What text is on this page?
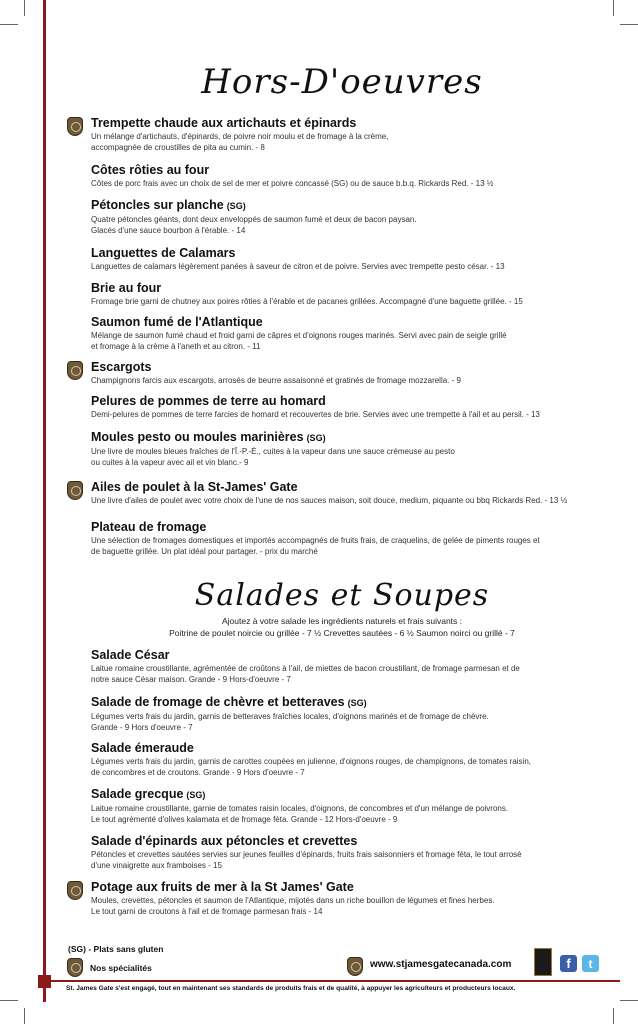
Hors-D'oeuvres
Trempette chaude aux artichauts et épinards
Un mélange d'artichauts, d'épinards, de poivre noir moulu et de fromage à la crème,
accompagnée de croustilles de pita au cumin. - 8
Côtes rôties au four
Côtes de porc frais avec un choix de sel de mer et poivre concassé (SG) ou de sauce b.b.q. Rickards Red. - 13 ½
Pétoncles sur planche (SG)
Quatre pétoncles géants, dont deux enveloppés de saumon fumé et deux de bacon paysan.
Glacés d'une sauce bourbon à l'érable. - 14
Languettes de Calamars
Languettes de calamars légèrement panées à saveur de citron et de poivre. Servies avec trempette pesto césar. - 13
Brie au four
Fromage brie garni de chutney aux poires rôties à l'érable et de pacanes grillées. Accompagné d'une baguette grillée. - 15
Saumon fumé de l'Atlantique
Mélange de saumon fumé chaud et froid garni de câpres et d'oignons rouges marinés. Servi avec pain de seigle grillé
et fromage à la crème à l'aneth et au citron. - 11
Escargots
Champignons farcis aux escargots, arrosés de beurre assaisonné et gratinés de fromage mozzarella. - 9
Pelures de pommes de terre au homard
Demi-pelures de pommes de terre farcies de homard et recouvertes de brie. Servies avec une trempette à l'ail et au persil. - 13
Moules pesto ou moules marinières (SG)
Une livre de moules bleues fraîches de l'Î.-P.-É., cuites à la vapeur dans une sauce crémeuse au pesto
ou cuites à la vapeur avec ail et vin blanc.- 9
Ailes de poulet à la St-James' Gate
Une livre d'ailes de poulet avec votre choix de l'une de nos sauces maison, soit douce, medium, piquante ou bbq Rickards Red. - 13 ½
Plateau de fromage
Une sélection de fromages domestiques et importés accompagnés de fruits frais, de craquelins, de gelée de piments rouges et
de baguette grillée. Un plat idéal pour partager. - prix du marché
Salades et Soupes
Ajoutez à votre salade les ingrédients naturels et frais suivants :
Poitrine de poulet noircie ou grillée - 7 ½ Crevettes sautées - 6 ½ Saumon noirci ou grillé - 7
Salade César
Laitue romaine croustillante, agrémentée de croûtons à l'ail, de miettes de bacon croustillant, de fromage parmesan et de
notre sauce César maison. Grande - 9 Hors-d'oeuvre - 7
Salade de fromage de chèvre et betteraves (SG)
Légumes verts frais du jardin, garnis de betteraves fraîches locales, d'oignons marinés et de fromage de chèvre.
Grande - 9 Hors d'oeuvre - 7
Salade émeraude
Légumes verts frais du jardin, garnis de carottes coupées en julienne, d'oignons rouges, de champignons, de tomates raisin,
de concombres et de croutons. Grande - 9 Hors d'oeuvre - 7
Salade grecque (SG)
Laitue romaine croustillante, garnie de tomates raisin locales, d'oignons, de concombres et d'un mélange de poivrons.
Le tout agrémenté d'olives kalamata et de fromage féta. Grande - 12 Hors-d'oeuvre - 9
Salade d'épinards aux pétoncles et crevettes
Pétoncles et crevettes sautées servies sur jeunes feuilles d'épinards, fruits frais saisonniers et fromage féta, le tout arrosé
d'une vinaigrette aux framboises - 15
Potage aux fruits de mer à la St James' Gate
Moules, crevettes, pétoncles et saumon de l'Atlantique, mijotés dans un riche bouillon de légumes et fines herbes.
Le tout garni de croutons à l'ail et de fromage parmesan frais - 14
(SG) - Plats sans gluten
Nos spécialités	www.stjamesgatecanada.com	f	t
St. James Gate s'est engagé, tout en maintenant ses standards de produits frais et de qualité, à appuyer les agriculteurs et producteurs locaux.
